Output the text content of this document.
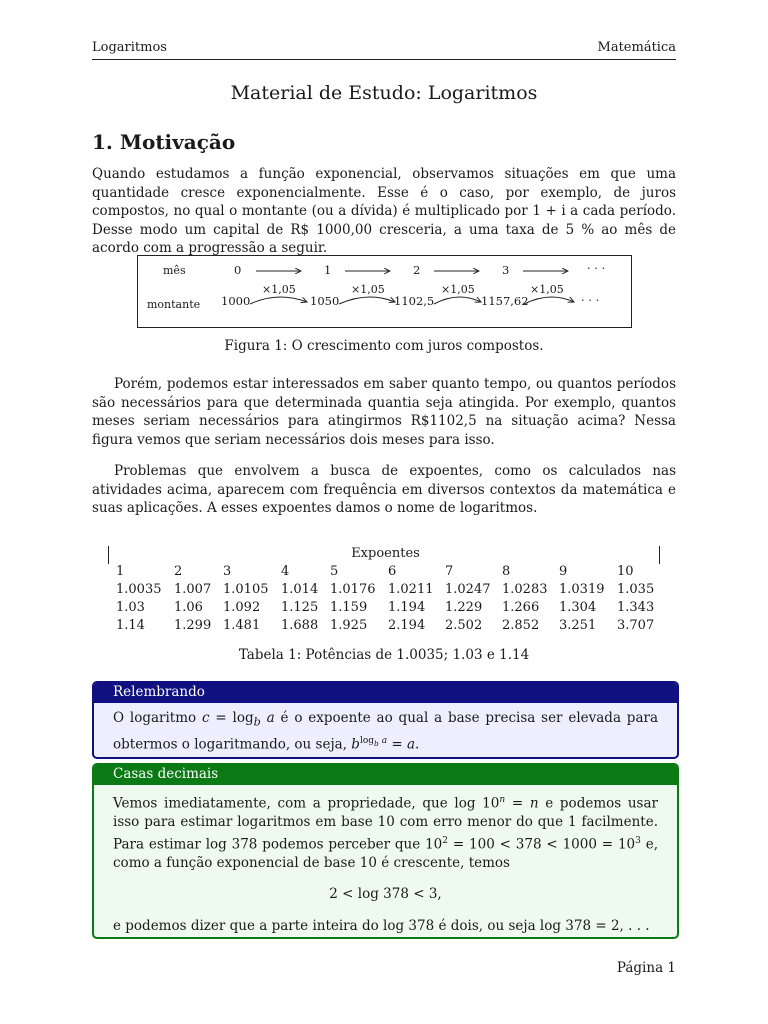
Logaritmos	Matemática
Material de Estudo: Logaritmos
1. Motivação
Quando estudamos a função exponencial, observamos situações em que uma quantidade cresce exponencialmente. Esse é o caso, por exemplo, de juros compostos, no qual o montante (ou a dívida) é multiplicado por 1 + i a cada período. Desse modo um capital de R$ 1000,00 cresceria, a uma taxa de 5 % ao mês de acordo com a progressão a seguir.
mês
montante
0	1	2	3	· · ·
1000	1050	1102,5	1157,62	· · ·
×1,05	×1,05	×1,05	×1,05
Figura 1: O crescimento com juros compostos.
Porém, podemos estar interessados em saber quanto tempo, ou quantos períodos são necessários para que determinada quantia seja atingida. Por exemplo, quantos meses seriam necessários para atingirmos R$1102,5 na situação acima? Nessa figura vemos que seriam necessários dois meses para isso.
Problemas que envolvem a busca de expoentes, como os calculados nas atividades acima, aparecem com frequência em diversos contextos da matemática e suas aplicações. A esses expoentes damos o nome de logaritmos.
Expoentes
1	2	3	4	5	6	7	8	9	10
1.0035 1.007 1.0105 1.014 1.0176 1.0211 1.0247 1.0283 1.0319 1.035
1.03 1.06 1.092 1.125 1.159 1.194 1.229 1.266 1.304 1.343
1.14 1.299 1.481 1.688 1.925 2.194 2.502 2.852 3.251 3.707
Tabela 1: Potências de 1.0035; 1.03 e 1.14
Relembrando
O logaritmo $c = \log_b a$ é o expoente ao qual a base precisa ser elevada para obtermos o logaritmando, ou seja, $b^{log_b a} = a$.
Casas decimais
Vemos imediatamente, com a propriedade, que $\log 10^n = n$ e podemos usar isso para estimar logaritmos em base 10 com erro menor do que 1 facilmente. Para estimar log 378 podemos perceber que $10^2 = 100 < 378 < 1000 = 10^3$ e, como a função exponencial de base 10 é crescente, temos
2 < log 378 < 3,
e podemos dizer que a parte inteira do log 378 é dois, ou seja log 378 = 2, . . .
Página 1
